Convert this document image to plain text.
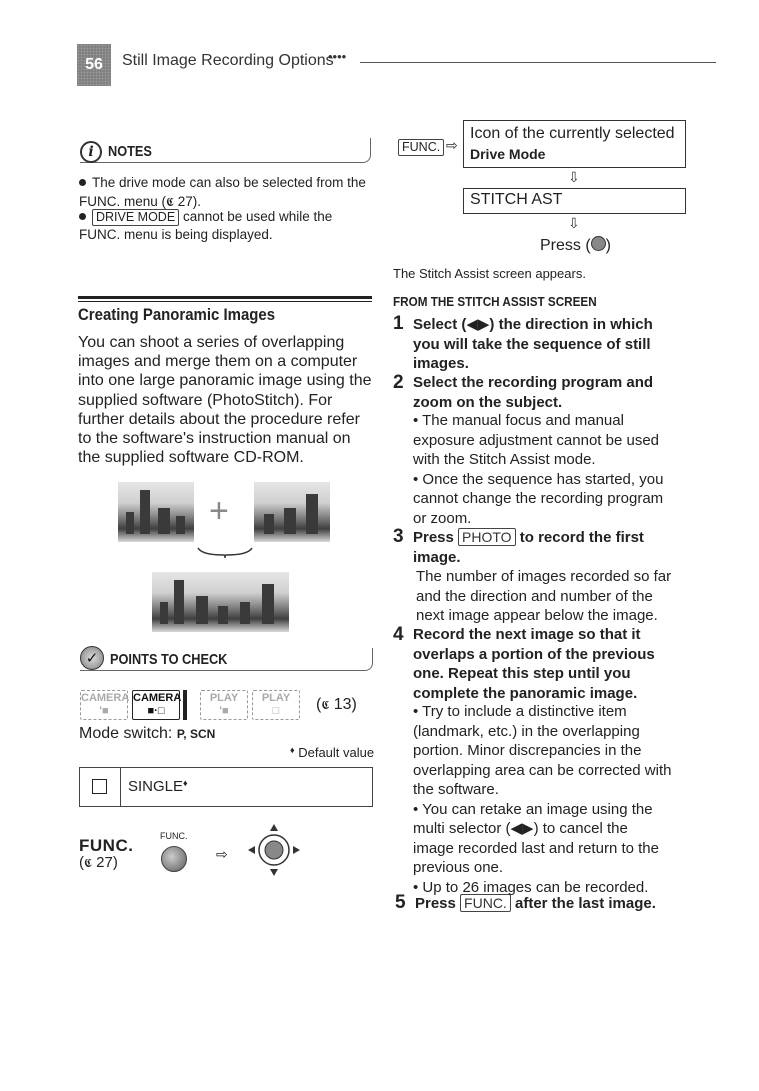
56	Still Image Recording Options
••••
i NOTES
The drive mode can also be selected from the
FUNC. menu (𝕮 27).
DRIVE MODE cannot be used while the
FUNC. menu is being displayed.
Creating Panoramic Images
You can shoot a series of overlapping
images and merge them on a computer
into one large panoramic image using the
supplied software (PhotoStitch). For
further details about the procedure refer
to the software's instruction manual on
the supplied software CD-ROM.
+
✓ POINTS TO CHECK
CAMERA
'■
CAMERA
■·□
PLAY
'■
PLAY
□	(𝕮 13)
Mode switch: P, SCN
♦ Default value
SINGLE♦
FUNC.
(𝕮 27)
FUNC.
⇨
FUNC. ⇨
Icon of the currently selected
Drive Mode
⇩
STITCH AST
⇩
Press ( )
The Stitch Assist screen appears.
FROM THE STITCH ASSIST SCREEN
1 Select (◀▶) the direction in which
you will take the sequence of still
images.
2 Select the recording program and
zoom on the subject.
• The manual focus and manual
exposure adjustment cannot be used
with the Stitch Assist mode.
• Once the sequence has started, you
cannot change the recording program
or zoom.
3 Press PHOTO to record the first
image.
The number of images recorded so far
and the direction and number of the
next image appear below the image.
4 Record the next image so that it
overlaps a portion of the previous
one. Repeat this step until you
complete the panoramic image.
• Try to include a distinctive item
(landmark, etc.) in the overlapping
portion. Minor discrepancies in the
overlapping area can be corrected with
the software.
• You can retake an image using the
multi selector (◀▶) to cancel the
image recorded last and return to the
previous one.
• Up to 26 images can be recorded.
5 Press FUNC. after the last image.
